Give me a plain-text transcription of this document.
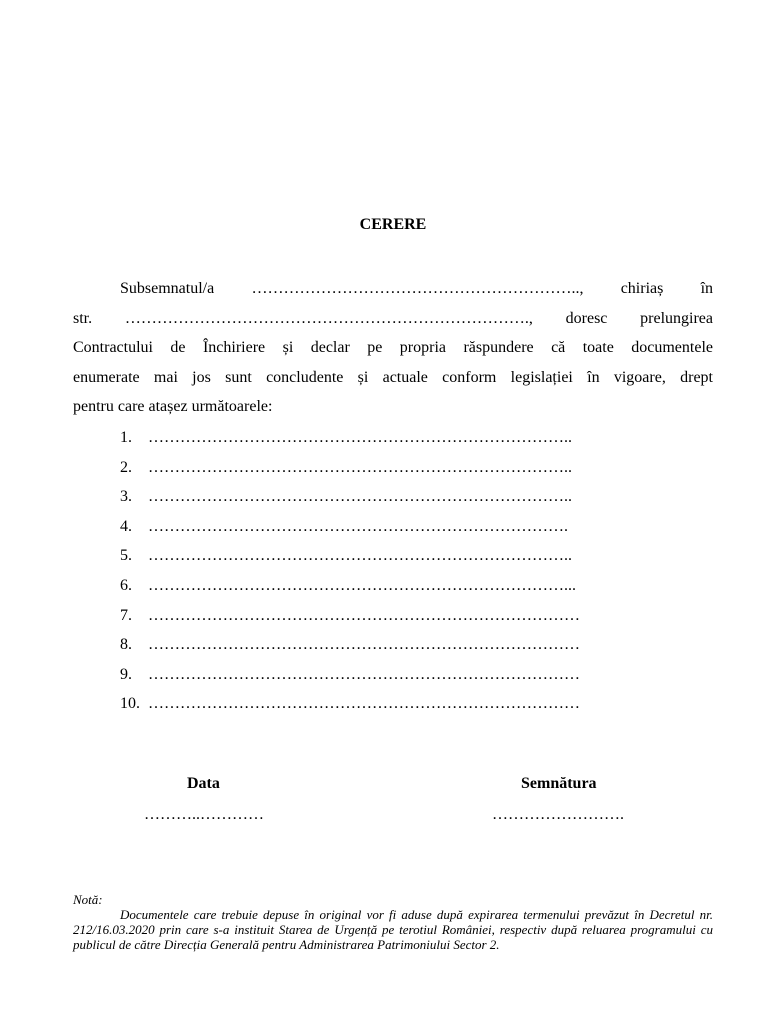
CERERE
Subsemnatul/a …………………………………………………….., chiriaș în
str. …………………………………………………………………., doresc prelungirea
Contractului de Închiriere și declar pe propria răspundere că toate documentele
enumerate mai jos sunt concludente și actuale conform legislației în vigoare, drept
pentru care atașez următoarele:
1. ……………………………………………………………………..
2. ……………………………………………………………………..
3. ……………………………………………………………………..
4. …………………………………………………………………….
5. ……………………………………………………………………..
6. ……………………………………………………………………...
7. ………………………………………………………………………
8. ………………………………………………………………………
9. ………………………………………………………………………
10. ………………………………………………………………………
Data	Semnătura
………..…………	…………………….
Notă:
Documentele care trebuie depuse în original vor fi aduse după expirarea termenului prevăzut în Decretul nr. 212/16.03.2020 prin care s-a instituit Starea de Urgență pe terotiul României, respectiv după reluarea programului cu publicul de către Direcția Generală pentru Administrarea Patrimoniului Sector 2.
